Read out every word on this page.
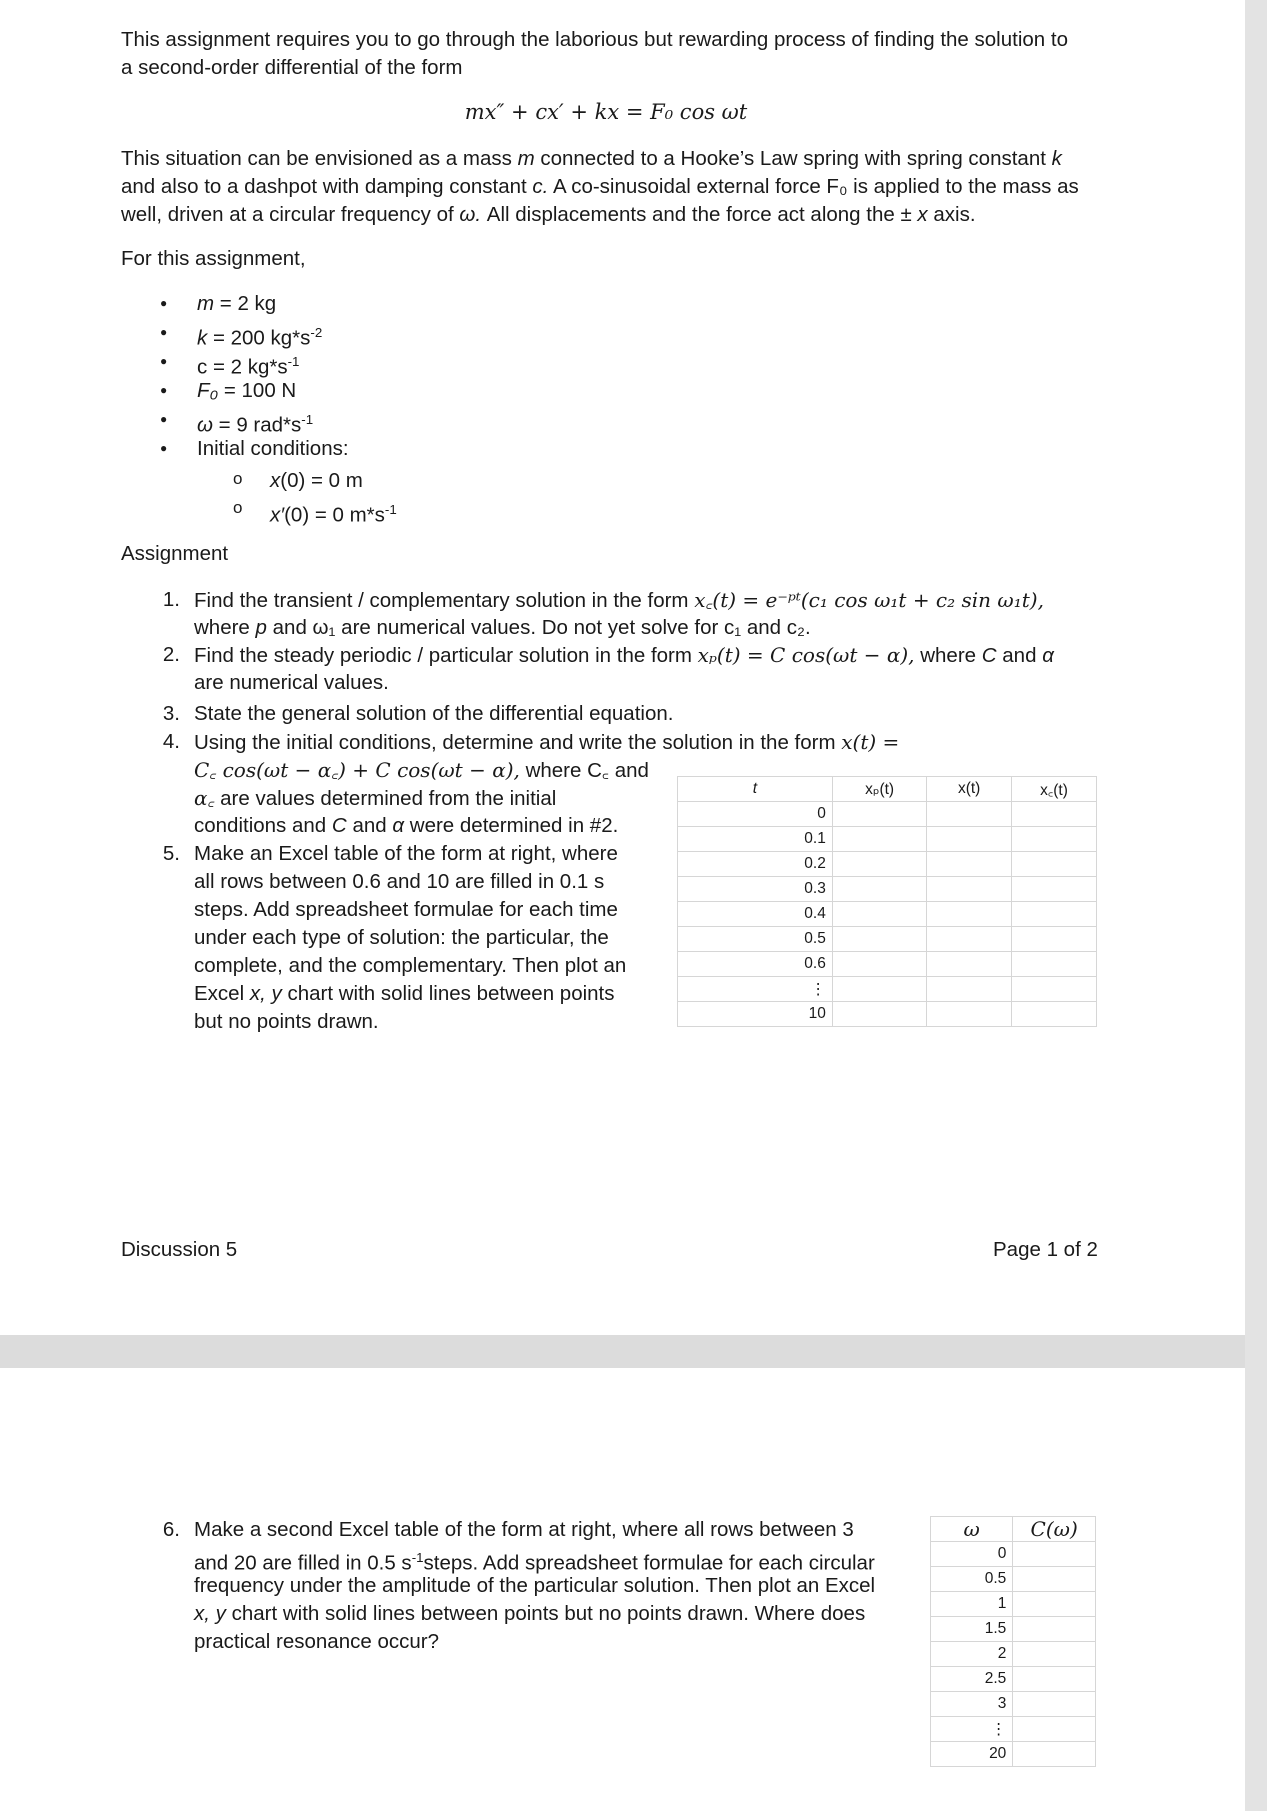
This assignment requires you to go through the laborious but rewarding process of finding the solution to a second-order differential of the form

mx″ + cx′ + kx = F₀ cos ωt

This situation can be envisioned as a mass m connected to a Hooke’s Law spring with spring constant k and also to a dashpot with damping constant c. A co-sinusoidal external force F₀ is applied to the mass as well, driven at a circular frequency of ω. All displacements and the force act along the ± x axis.

For this assignment,

● m = 2 kg
● k = 200 $kg*s^{-2}$
● c = 2 $kg*s^{-1}$
● F₀ = 100 N
● ω = 9 $rad*s^{-1}$
● Initial conditions:
o x(0) = 0 m
o x′(0) = 0 $m*s^{-1}$

Assignment

1. Find the transient / complementary solution in the form x꜀(t) = e⁻ᵖᵗ(c₁ cos ω₁t + c₂ sin ω₁t),
where p and ω₁ are numerical values. Do not yet solve for c₁ and c₂.
2. Find the steady periodic / particular solution in the form xₚ(t) = C cos(ωt − α), where C and α
are numerical values.
3. State the general solution of the differential equation.
4. Using the initial conditions, determine and write the solution in the form x(t) =
C꜀ cos(ωt − α꜀) + C cos(ωt − α), where C꜀ and
α꜀ are values determined from the initial
conditions and C and α were determined in #2.
5. Make an Excel table of the form at right, where
all rows between 0.6 and 10 are filled in 0.1 s
steps. Add spreadsheet formulae for each time
under each type of solution: the particular, the
complete, and the complementary. Then plot an
Excel x, y chart with solid lines between points
but no points drawn.
t	xₚ(t)	x(t)	x꜀(t)
0			
0.1			
0.2			
0.3			
0.4			
0.5			
0.6			
⋮			
10			
Discussion 5	Page 1 of 2
6. Make a second Excel table of the form at right, where all rows between 3
and 20 are filled in 0.5 $s^{-1}steps$. Add spreadsheet formulae for each circular
frequency under the amplitude of the particular solution. Then plot an Excel
x, y chart with solid lines between points but no points drawn. Where does
practical resonance occur?
ω	C(ω)
0	
0.5	
1	
1.5	
2	
2.5	
3	
⋮	
20	
